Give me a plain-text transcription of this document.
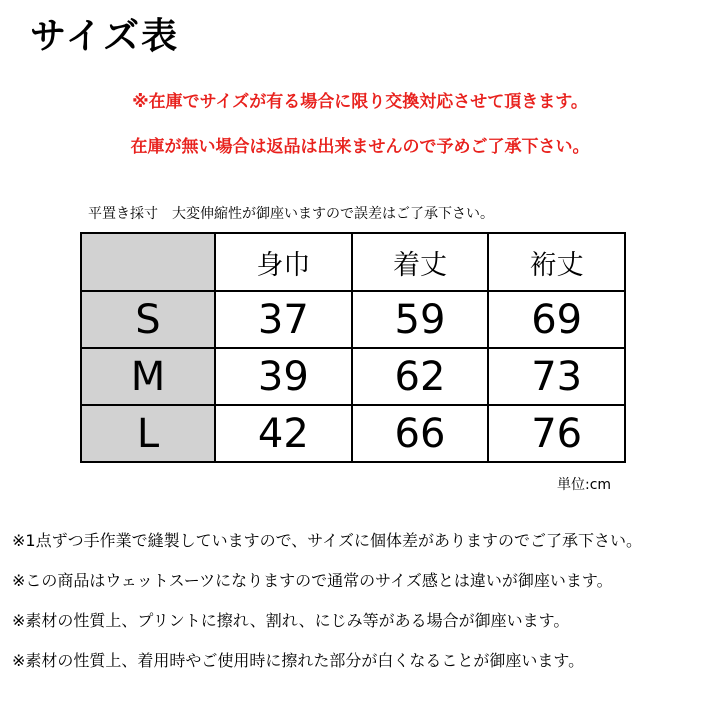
サイズ表
※在庫でサイズが有る場合に限り交換対応させて頂きます。
在庫が無い場合は返品は出来ませんので予めご了承下さい。
平置き採寸　大変伸縮性が御座いますので誤差はご了承下さい。
	身巾	着丈	裄丈
S	37	59	69
M	39	62	73
L	42	66	76
単位:cm
※1点ずつ手作業で縫製していますので、サイズに個体差がありますのでご了承下さい。
※この商品はウェットスーツになりますので通常のサイズ感とは違いが御座います。
※素材の性質上、プリントに擦れ、割れ、にじみ等がある場合が御座います。
※素材の性質上、着用時やご使用時に擦れた部分が白くなることが御座います。
